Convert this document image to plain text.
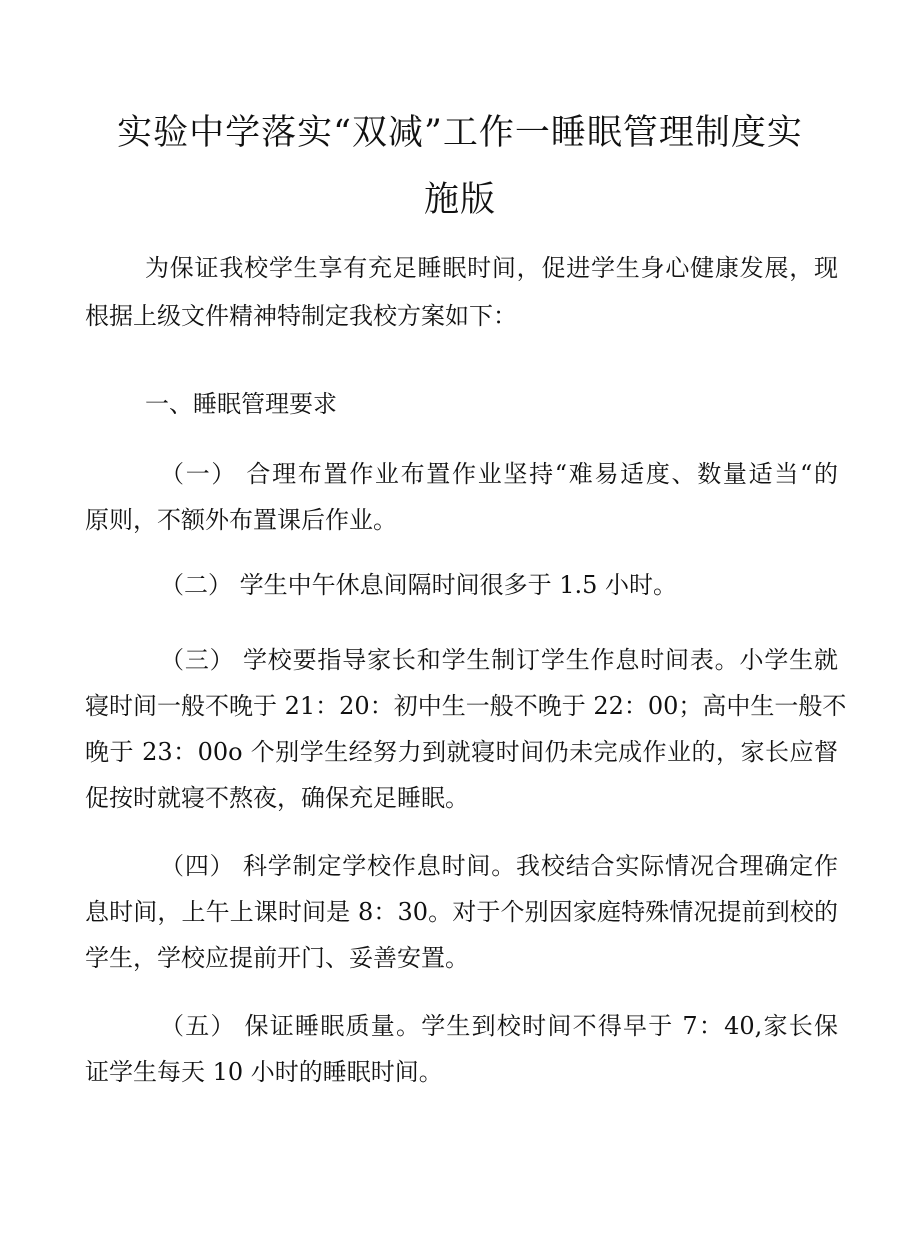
实验中学落实“双减”工作一睡眠管理制度实
施版
为保证我校学生享有充足睡眠时间，促进学生身心健康发展，现
根据上级文件精神特制定我校方案如下：
一、睡眠管理要求
（一） 合理布置作业布置作业坚持“难易适度、数量适当“的
原则，不额外布置课后作业。
（二） 学生中午休息间隔时间很多于 1.5 小时。
（三） 学校要指导家长和学生制订学生作息时间表。小学生就
寝时间一般不晚于 21：20：初中生一般不晚于 22：00；高中生一般不
晚于 23：00o 个别学生经努力到就寝时间仍未完成作业的，家长应督
促按时就寝不熬夜，确保充足睡眠。
（四） 科学制定学校作息时间。我校结合实际情况合理确定作
息时间，上午上课时间是 8：30。对于个别因家庭特殊情况提前到校的
学生，学校应提前开门、妥善安置。
（五） 保证睡眠质量。学生到校时间不得早于 7：40,家长保
证学生每天 10 小时的睡眠时间。
